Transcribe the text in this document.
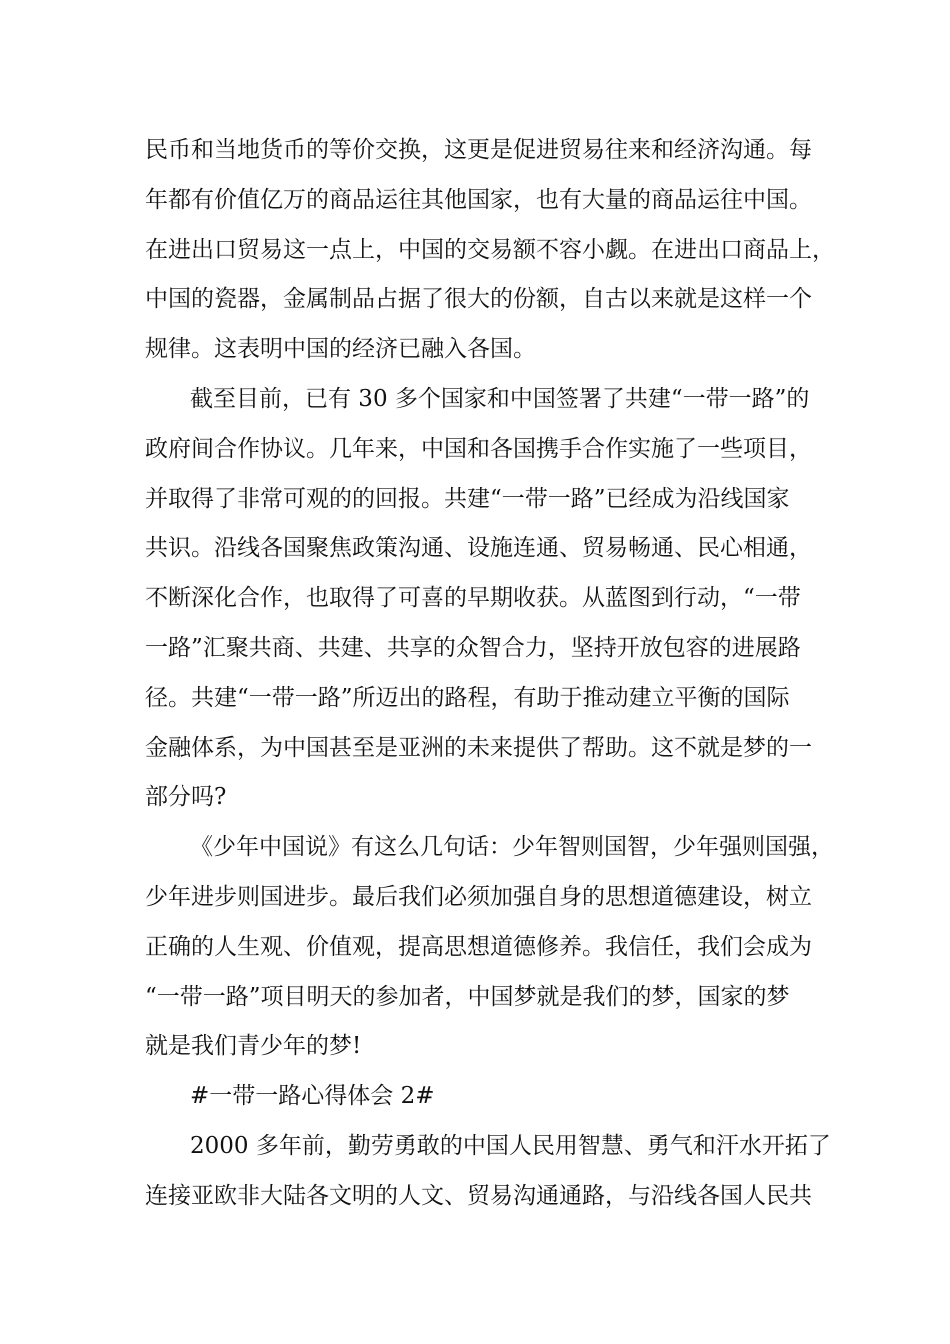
民币和当地货币的等价交换，这更是促进贸易往来和经济沟通。每
年都有价值亿万的商品运往其他国家，也有大量的商品运往中国。
在进出口贸易这一点上，中国的交易额不容小觑。在进出口商品上，
中国的瓷器，金属制品占据了很大的份额，自古以来就是这样一个
规律。这表明中国的经济已融入各国。
截至目前，已有 30 多个国家和中国签署了共建“一带一路”的
政府间合作协议。几年来，中国和各国携手合作实施了一些项目，
并取得了非常可观的的回报。共建“一带一路”已经成为沿线国家
共识。沿线各国聚焦政策沟通、设施连通、贸易畅通、民心相通，
不断深化合作，也取得了可喜的早期收获。从蓝图到行动，“一带
一路”汇聚共商、共建、共享的众智合力，坚持开放包容的进展路
径。共建“一带一路”所迈出的路程，有助于推动建立平衡的国际
金融体系，为中国甚至是亚洲的未来提供了帮助。这不就是梦的一
部分吗?
《少年中国说》有这么几句话：少年智则国智，少年强则国强，
少年进步则国进步。最后我们必须加强自身的思想道德建设，树立
正确的人生观、价值观，提高思想道德修养。我信任，我们会成为
“一带一路”项目明天的参加者，中国梦就是我们的梦，国家的梦
就是我们青少年的梦!
#一带一路心得体会 2#
2000 多年前，勤劳勇敢的中国人民用智慧、勇气和汗水开拓了
连接亚欧非大陆各文明的人文、贸易沟通通路，与沿线各国人民共
